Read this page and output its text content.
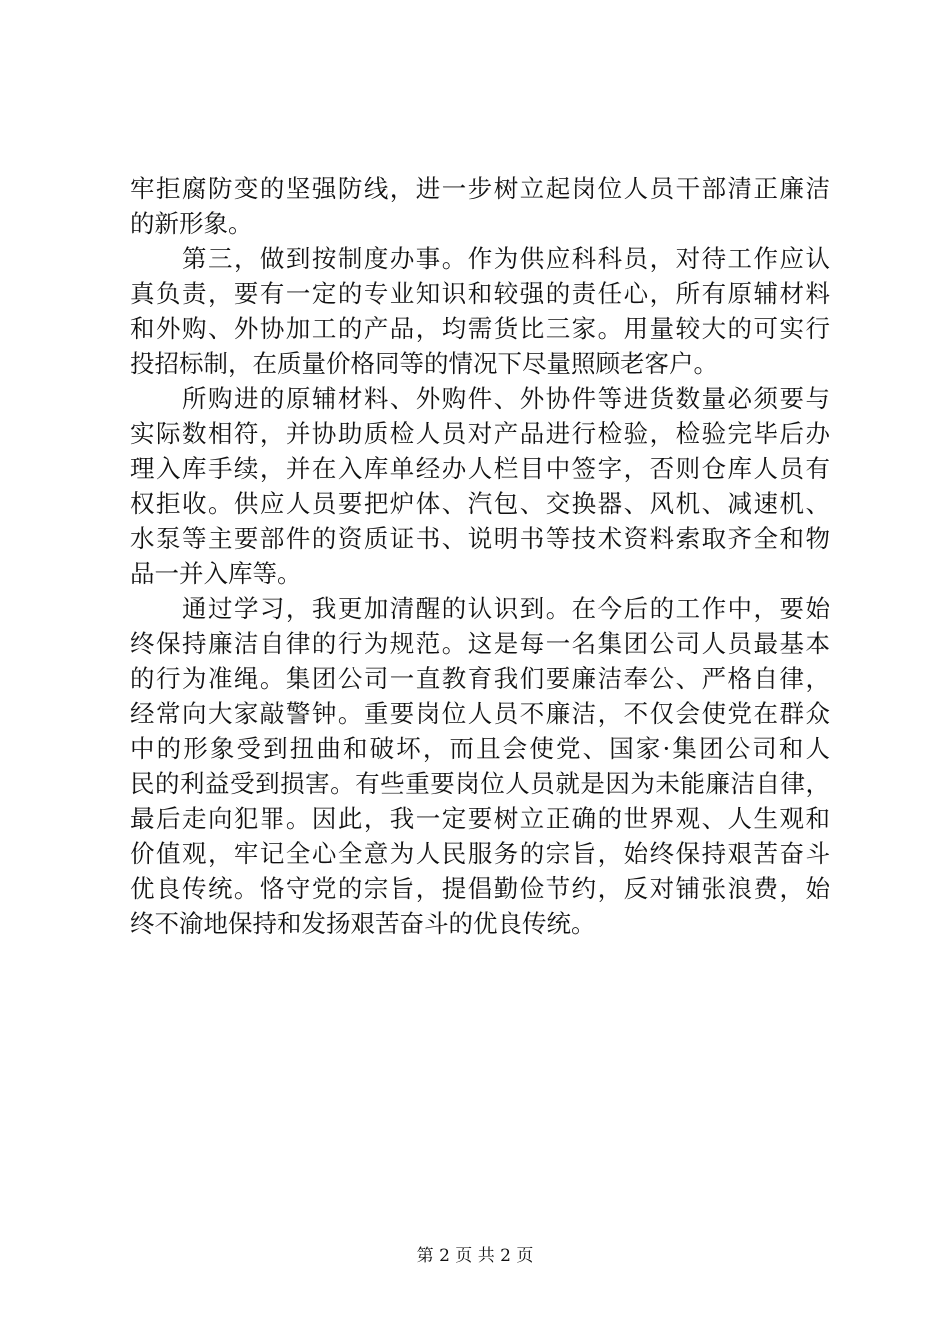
牢拒腐防变的坚强防线，进一步树立起岗位人员干部清正廉洁
的新形象。
第三，做到按制度办事。作为供应科科员，对待工作应认
真负责，要有一定的专业知识和较强的责任心，所有原辅材料
和外购、外协加工的产品，均需货比三家。用量较大的可实行
投招标制，在质量价格同等的情况下尽量照顾老客户。
所购进的原辅材料、外购件、外协件等进货数量必须要与
实际数相符，并协助质检人员对产品进行检验，检验完毕后办
理入库手续，并在入库单经办人栏目中签字，否则仓库人员有
权拒收。供应人员要把炉体、汽包、交换器、风机、减速机、
水泵等主要部件的资质证书、说明书等技术资料索取齐全和物
品一并入库等。
通过学习，我更加清醒的认识到。在今后的工作中，要始
终保持廉洁自律的行为规范。这是每一名集团公司人员最基本
的行为准绳。集团公司一直教育我们要廉洁奉公、严格自律，
经常向大家敲警钟。重要岗位人员不廉洁，不仅会使党在群众
中的形象受到扭曲和破坏，而且会使党、国家·集团公司和人
民的利益受到损害。有些重要岗位人员就是因为未能廉洁自律，
最后走向犯罪。因此，我一定要树立正确的世界观、人生观和
价值观，牢记全心全意为人民服务的宗旨，始终保持艰苦奋斗
优良传统。恪守党的宗旨，提倡勤俭节约，反对铺张浪费，始
终不渝地保持和发扬艰苦奋斗的优良传统。
第 2 页 共 2 页
